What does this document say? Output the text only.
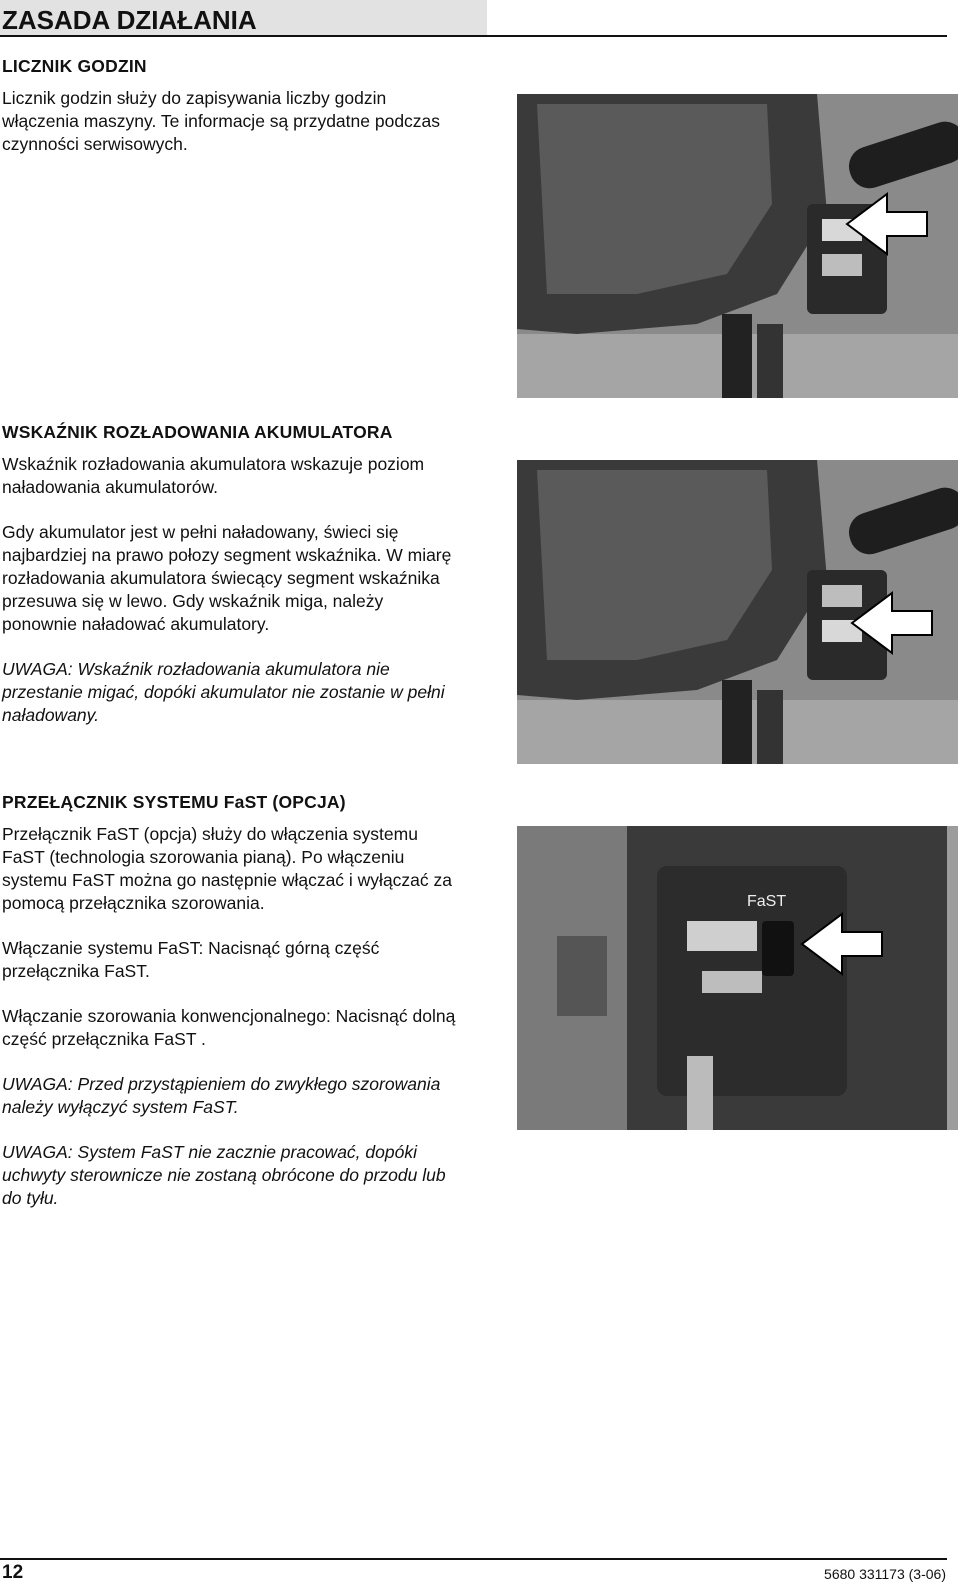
ZASADA DZIAŁANIA
LICZNIK GODZIN

Licznik godzin służy do zapisywania liczby godzin włączenia maszyny. Te informacje są przydatne podczas czynności serwisowych.

WSKAŹNIK ROZŁADOWANIA AKUMULATORA

Wskaźnik rozładowania akumulatora wskazuje poziom naładowania akumulatorów.

Gdy akumulator jest w pełni naładowany, świeci się najbardziej na prawo połozy segment wskaźnika. W miarę rozładowania akumulatora świecący segment wskaźnika przesuwa się w lewo. Gdy wskaźnik miga, należy ponownie naładować akumulatory.

UWAGA: Wskaźnik rozładowania akumulatora nie przestanie migać, dopóki akumulator nie zostanie w pełni naładowany.

PRZEŁĄCZNIK SYSTEMU FaST (OPCJA)

Przełącznik FaST (opcja) służy do włączenia systemu FaST (technologia szorowania pianą). Po włączeniu systemu FaST można go następnie włączać i wyłączać za pomocą przełącznika szorowania.

Włączanie systemu FaST: Nacisnąć górną część przełącznika FaST.

Włączanie szorowania konwencjonalnego: Nacisnąć dolną część przełącznika FaST .

UWAGA: Przed przystąpieniem do zwykłego szorowania należy wyłączyć system FaST.

UWAGA: System FaST nie zacznie pracować, dopóki uchwyty sterownicze nie zostaną obrócone do przodu lub do tyłu.

FaST
12	5680 331173 (3-06)
